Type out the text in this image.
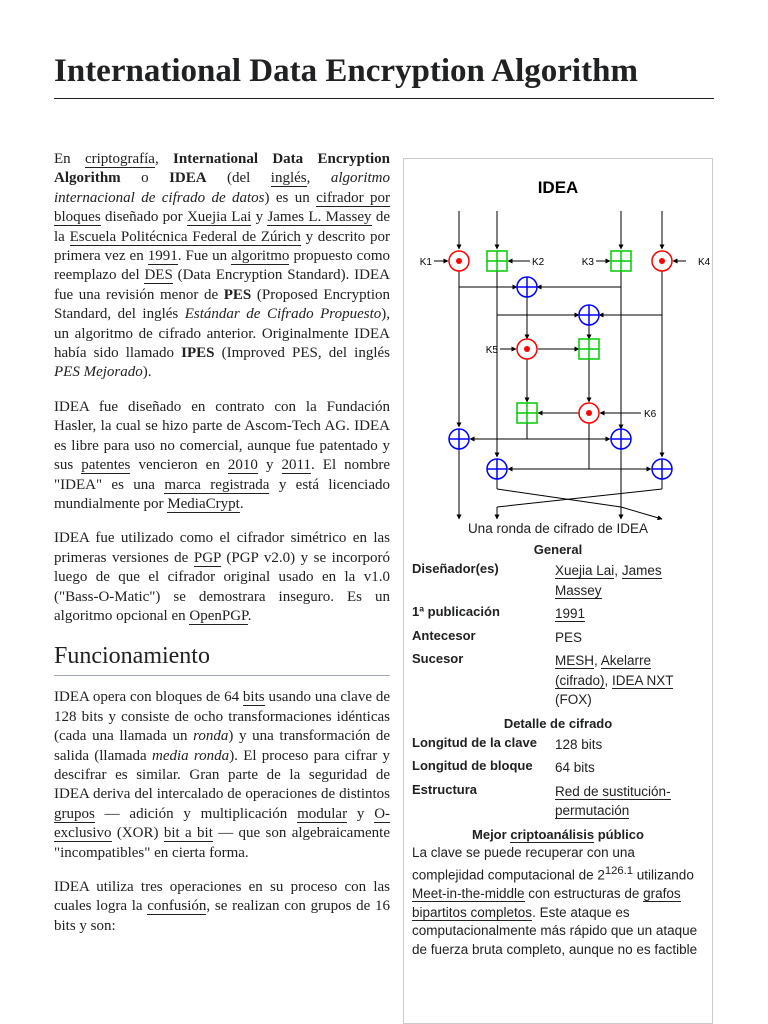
International Data Encryption Algorithm

En criptografía, International Data Encryption Algorithm o IDEA (del inglés, algoritmo internacional de cifrado de datos) es un cifrador por bloques diseñado por Xuejia Lai y James L. Massey de la Escuela Politécnica Federal de Zúrich y descrito por primera vez en 1991. Fue un algoritmo propuesto como reemplazo del DES (Data Encryption Standard). IDEA fue una revisión menor de PES (Proposed Encryption Standard, del inglés Estándar de Cifrado Propuesto), un algoritmo de cifrado anterior. Originalmente IDEA había sido llamado IPES (Improved PES, del inglés PES Mejorado).

IDEA fue diseñado en contrato con la Fundación Hasler, la cual se hizo parte de Ascom-Tech AG. IDEA es libre para uso no comercial, aunque fue patentado y sus patentes vencieron en 2010 y 2011. El nombre "IDEA" es una marca registrada y está licenciado mundialmente por MediaCrypt.

IDEA fue utilizado como el cifrador simétrico en las primeras versiones de PGP (PGP v2.0) y se incorporó luego de que el cifrador original usado en la v1.0 ("Bass-O-Matic") se demostrara inseguro. Es un algoritmo opcional en OpenPGP.

Funcionamiento

IDEA opera con bloques de 64 bits usando una clave de 128 bits y consiste de ocho transformaciones idénticas (cada una llamada un ronda) y una transformación de salida (llamada media ronda). El proceso para cifrar y descifrar es similar. Gran parte de la seguridad de IDEA deriva del intercalado de operaciones de distintos grupos — adición y multiplicación modular y O-exclusivo (XOR) bit a bit — que son algebraicamente "incompatibles" en cierta forma.

IDEA utiliza tres operaciones en su proceso con las cuales logra la confusión, se realizan con grupos de 16 bits y son:

IDEA
K1	K2	K3	K4
K5
K6
Una ronda de cifrado de IDEA
General
Diseñador(es)	Xuejia Lai, James Massey
1ª publicación	1991
Antecesor	PES
Sucesor	MESH, Akelarre (cifrado), IDEA NXT (FOX)
Detalle de cifrado
Longitud de la clave	128 bits
Longitud de bloque	64 bits
Estructura	Red de sustitución-permutación
Mejor criptoanálisis público
La clave se puede recuperar con una complejidad computacional de $2^{126.1}$ utilizando Meet-in-the-middle con estructuras de grafos bipartitos completos. Este ataque es computacionalmente más rápido que un ataque de fuerza bruta completo, aunque no es factible
